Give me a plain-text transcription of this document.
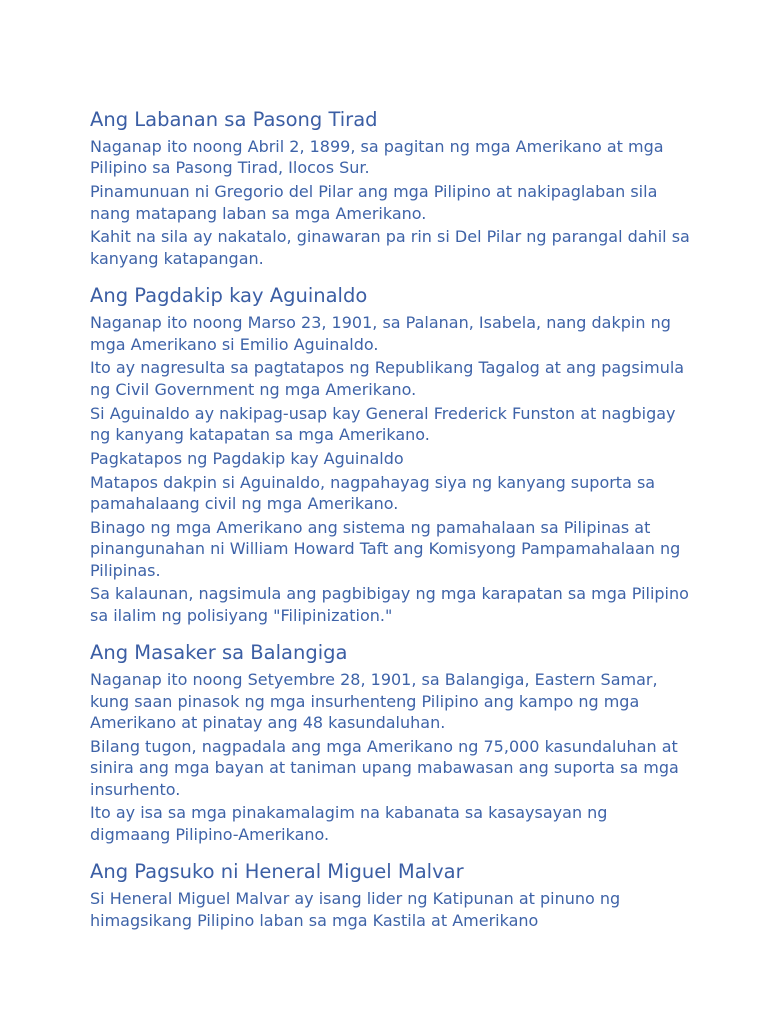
Ang Labanan sa Pasong Tirad

Naganap ito noong Abril 2, 1899, sa pagitan ng mga Amerikano at mga Pilipino sa Pasong Tirad, Ilocos Sur.

Pinamunuan ni Gregorio del Pilar ang mga Pilipino at nakipaglaban sila nang matapang laban sa mga Amerikano.

Kahit na sila ay nakatalo, ginawaran pa rin si Del Pilar ng parangal dahil sa kanyang katapangan.

Ang Pagdakip kay Aguinaldo

Naganap ito noong Marso 23, 1901, sa Palanan, Isabela, nang dakpin ng mga Amerikano si Emilio Aguinaldo.

Ito ay nagresulta sa pagtatapos ng Republikang Tagalog at ang pagsimula ng Civil Government ng mga Amerikano.

Si Aguinaldo ay nakipag-usap kay General Frederick Funston at nagbigay ng kanyang katapatan sa mga Amerikano.

Pagkatapos ng Pagdakip kay Aguinaldo

Matapos dakpin si Aguinaldo, nagpahayag siya ng kanyang suporta sa pamahalaang civil ng mga Amerikano.

Binago ng mga Amerikano ang sistema ng pamahalaan sa Pilipinas at pinangunahan ni William Howard Taft ang Komisyong Pampamahalaan ng Pilipinas.

Sa kalaunan, nagsimula ang pagbibigay ng mga karapatan sa mga Pilipino sa ilalim ng polisiyang "Filipinization."

Ang Masaker sa Balangiga

Naganap ito noong Setyembre 28, 1901, sa Balangiga, Eastern Samar, kung saan pinasok ng mga insurhenteng Pilipino ang kampo ng mga Amerikano at pinatay ang 48 kasundaluhan.

Bilang tugon, nagpadala ang mga Amerikano ng 75,000 kasundaluhan at sinira ang mga bayan at taniman upang mabawasan ang suporta sa mga insurhento.

Ito ay isa sa mga pinakamalagim na kabanata sa kasaysayan ng digmaang Pilipino-Amerikano.

Ang Pagsuko ni Heneral Miguel Malvar

Si Heneral Miguel Malvar ay isang lider ng Katipunan at pinuno ng himagsikang Pilipino laban sa mga Kastila at Amerikano
